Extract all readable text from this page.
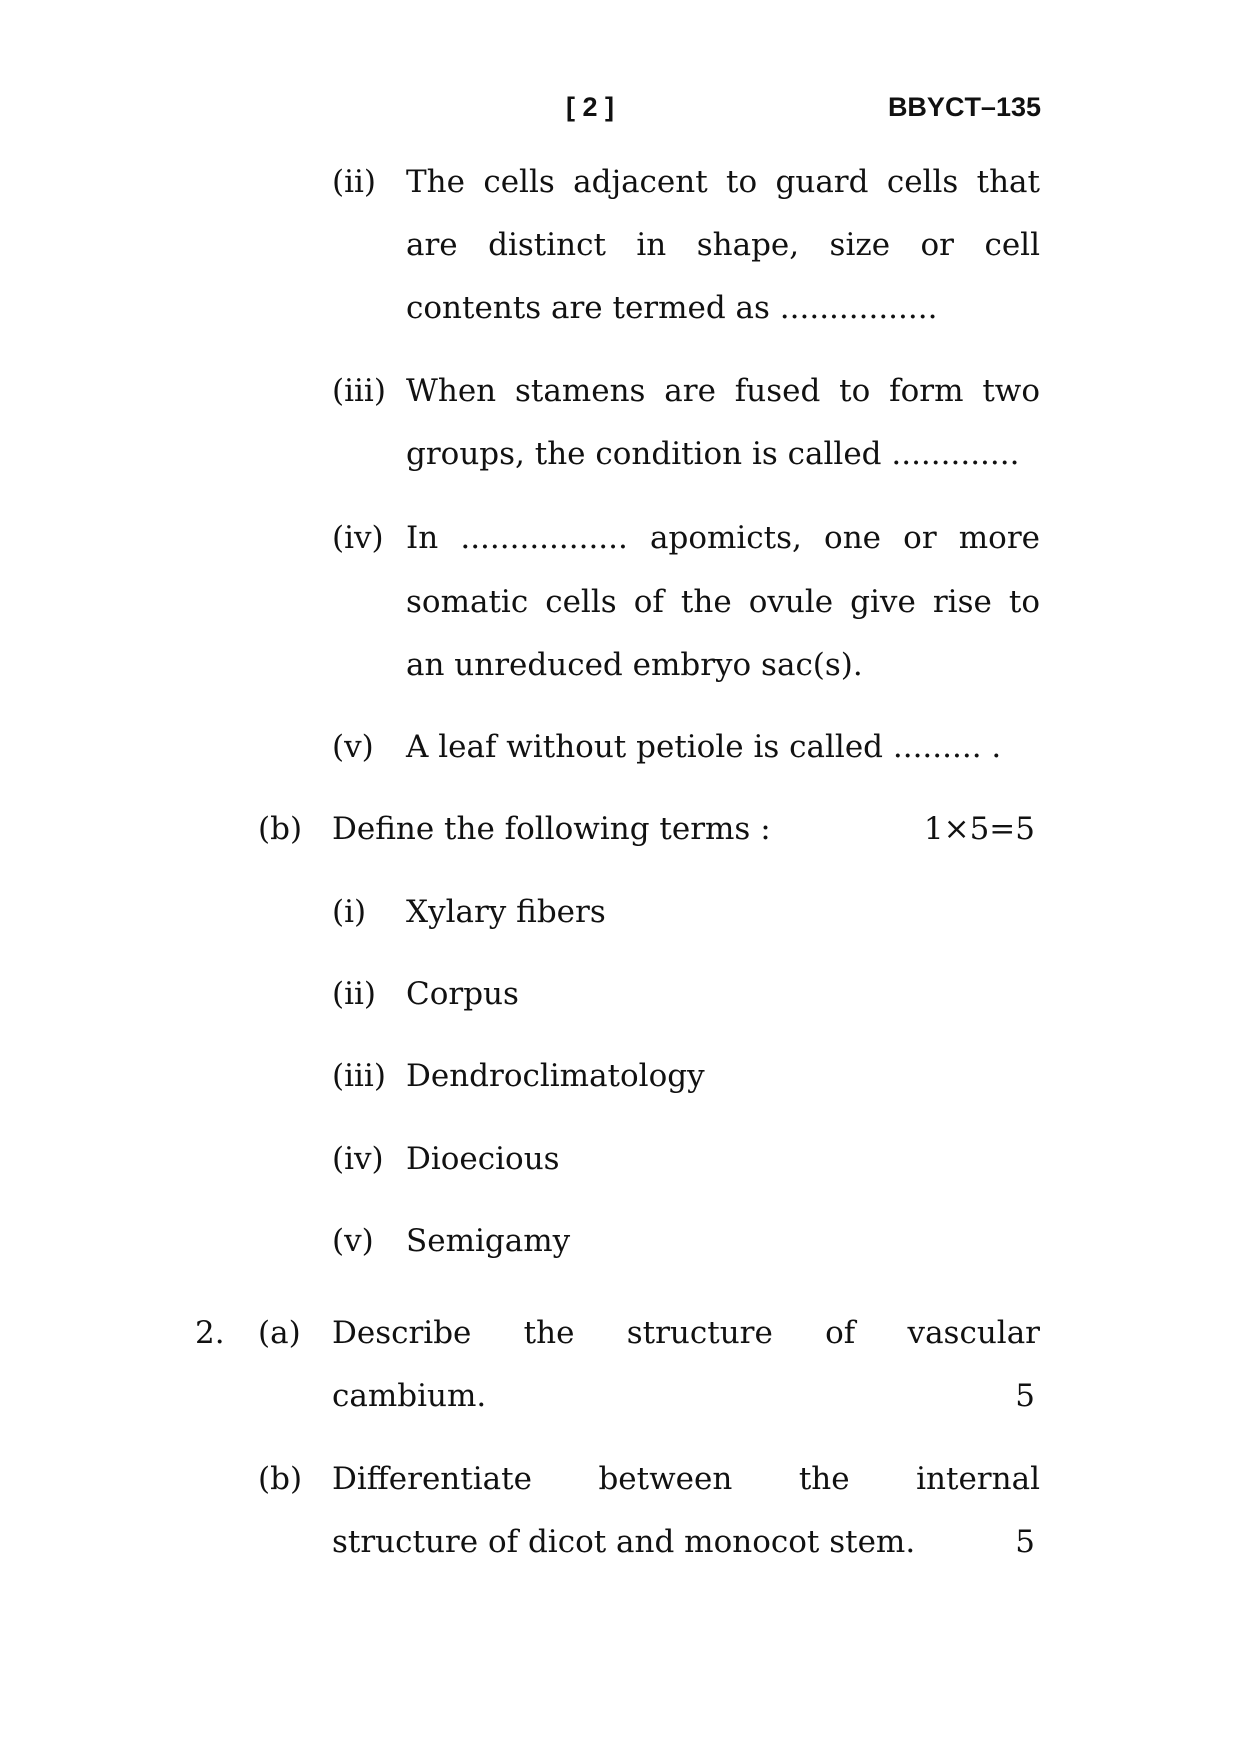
[ 2 ]	BBYCT–135
(ii) The cells adjacent to guard cells that
are distinct in shape, size or cell
contents are termed as ................
(iii) When stamens are fused to form two
groups, the condition is called .............
(iv) In ................. apomicts, one or more
somatic cells of the ovule give rise to
an unreduced embryo sac(s).
(v) A leaf without petiole is called ......... .
(b) Define the following terms :	1×5=5
(i) Xylary fibers
(ii) Corpus
(iii) Dendroclimatology
(iv) Dioecious
(v) Semigamy
2. (a) Describe the structure of vascular
cambium.	5
(b) Differentiate between the internal
structure of dicot and monocot stem.	5
